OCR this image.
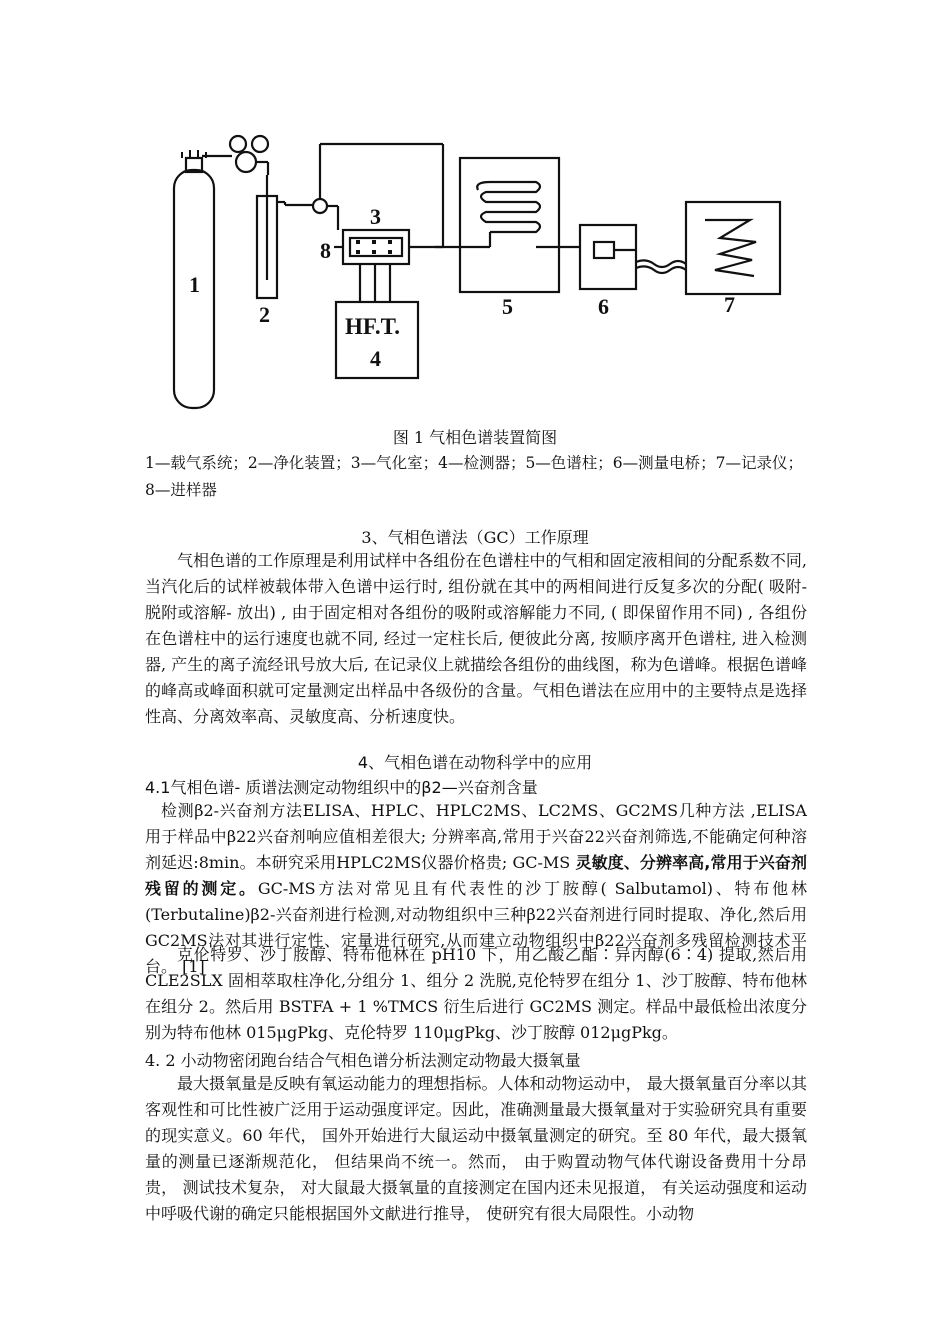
1
2
3
8
HF.T.
4
5	6	7
图 1 气相色谱装置简图
1—载气系统；2—净化装置；3—气化室；4—检测器；5—色谱柱；6—测量电桥；7—记录仪；8—进样器
3、气相色谱法（GC）工作原理
气相色谱的工作原理是利用试样中各组份在色谱柱中的气相和固定液相间的分配系数不同, 当汽化后的试样被载体带入色谱中运行时, 组份就在其中的两相间进行反复多次的分配( 吸附- 脱附或溶解- 放出) , 由于固定相对各组份的吸附或溶解能力不同, ( 即保留作用不同) , 各组份在色谱柱中的运行速度也就不同, 经过一定柱长后, 便彼此分离, 按顺序离开色谱柱, 进入检测器, 产生的离子流经讯号放大后, 在记录仪上就描绘各组份的曲线图，称为色谱峰。根据色谱峰的峰高或峰面积就可定量测定出样品中各级份的含量。气相色谱法在应用中的主要特点是选择性高、分离效率高、灵敏度高、分析速度快。
4、气相色谱在动物科学中的应用
4.1气相色谱- 质谱法测定动物组织中的β2—兴奋剂含量
检测β2-兴奋剂方法ELISA、HPLC、HPLC2MS、LC2MS、GC2MS几种方法 ,ELISA用于样品中β22兴奋剂响应值相差很大; 分辨率高,常用于兴奋22兴奋剂筛选,不能确定何种溶剂延迟:8min。本研究采用HPLC2MS仪器价格贵; GC-MS 灵敏度、分辨率高,常用于兴奋剂残留的测定。GC-MS方法对常见且有代表性的沙丁胺醇( Salbutamol)、特布他林(Terbutaline)β2-兴奋剂进行检测,对动物组织中三种β22兴奋剂进行同时提取、净化,然后用GC2MS法对其进行定性、定量进行研究,从而建立动物组织中β22兴奋剂多残留检测技术平台。 [1]
克伦特罗、沙丁胺醇、特布他林在 pH10 下，用乙酸乙酯∶异丙醇(6∶4) 提取,然后用 CLE2SLX 固相萃取柱净化,分组分 1、组分 2 洗脱,克伦特罗在组分 1、沙丁胺醇、特布他林在组分 2。然后用 BSTFA + 1 %TMCS 衍生后进行 GC2MS 测定。样品中最低检出浓度分别为特布他林 015μgPkg、克伦特罗 110μgPkg、沙丁胺醇 012μgPkg。
4. 2 小动物密闭跑台结合气相色谱分析法测定动物最大摄氧量
最大摄氧量是反映有氧运动能力的理想指标。人体和动物运动中， 最大摄氧量百分率以其客观性和可比性被广泛用于运动强度评定。因此，准确测量最大摄氧量对于实验研究具有重要的现实意义。60 年代， 国外开始进行大鼠运动中摄氧量测定的研究。至 80 年代，最大摄氧量的测量已逐渐规范化， 但结果尚不统一。然而， 由于购置动物气体代谢设备费用十分昂贵， 测试技术复杂， 对大鼠最大摄氧量的直接测定在国内还未见报道， 有关运动强度和运动中呼吸代谢的确定只能根据国外文献进行推导， 使研究有很大局限性。小动物
